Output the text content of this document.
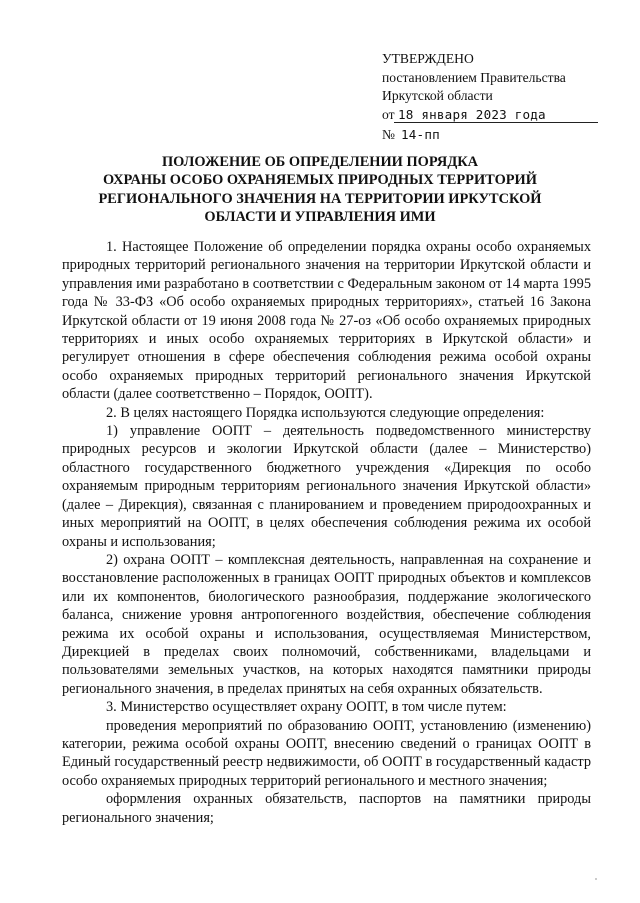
УТВЕРЖДЕНО
постановлением Правительства
Иркутской области
от 18 января 2023 года
№ 14-пп
ПОЛОЖЕНИЕ ОБ ОПРЕДЕЛЕНИИ ПОРЯДКА
ОХРАНЫ ОСОБО ОХРАНЯЕМЫХ ПРИРОДНЫХ ТЕРРИТОРИЙ
РЕГИОНАЛЬНОГО ЗНАЧЕНИЯ НА ТЕРРИТОРИИ ИРКУТСКОЙ
ОБЛАСТИ И УПРАВЛЕНИЯ ИМИ

1. Настоящее Положение об определении порядка охраны особо охраняемых природных территорий регионального значения на территории Иркутской области и управления ими разработано в соответствии с Федеральным законом от 14 марта 1995 года № 33-ФЗ «Об особо охраняемых природных территориях», статьей 16 Закона Иркутской области от 19 июня 2008 года № 27-оз «Об особо охраняемых природных территориях и иных особо охраняемых территориях в Иркутской области» и регулирует отношения в сфере обеспечения соблюдения режима особой охраны особо охраняемых природных территорий регионального значения Иркутской области (далее соответственно – Порядок, ООПТ).

2. В целях настоящего Порядка используются следующие определения:

1) управление ООПТ – деятельность подведомственного министерству природных ресурсов и экологии Иркутской области (далее – Министерство) областного государственного бюджетного учреждения «Дирекция по особо охраняемым природным территориям регионального значения Иркутской области» (далее – Дирекция), связанная с планированием и проведением природоохранных и иных мероприятий на ООПТ, в целях обеспечения соблюдения режима их особой охраны и использования;

2) охрана ООПТ – комплексная деятельность, направленная на сохранение и восстановление расположенных в границах ООПТ природных объектов и комплексов или их компонентов, биологического разнообразия, поддержание экологического баланса, снижение уровня антропогенного воздействия, обеспечение соблюдения режима их особой охраны и использования, осуществляемая Министерством, Дирекцией в пределах своих полномочий, собственниками, владельцами и пользователями земельных участков, на которых находятся памятники природы регионального значения, в пределах принятых на себя охранных обязательств.

3. Министерство осуществляет охрану ООПТ, в том числе путем:

проведения мероприятий по образованию ООПТ, установлению (изменению) категории, режима особой охраны ООПТ, внесению сведений о границах ООПТ в Единый государственный реестр недвижимости, об ООПТ в государственный кадастр особо охраняемых природных территорий регионального и местного значения;

оформления охранных обязательств, паспортов на памятники природы регионального значения;
